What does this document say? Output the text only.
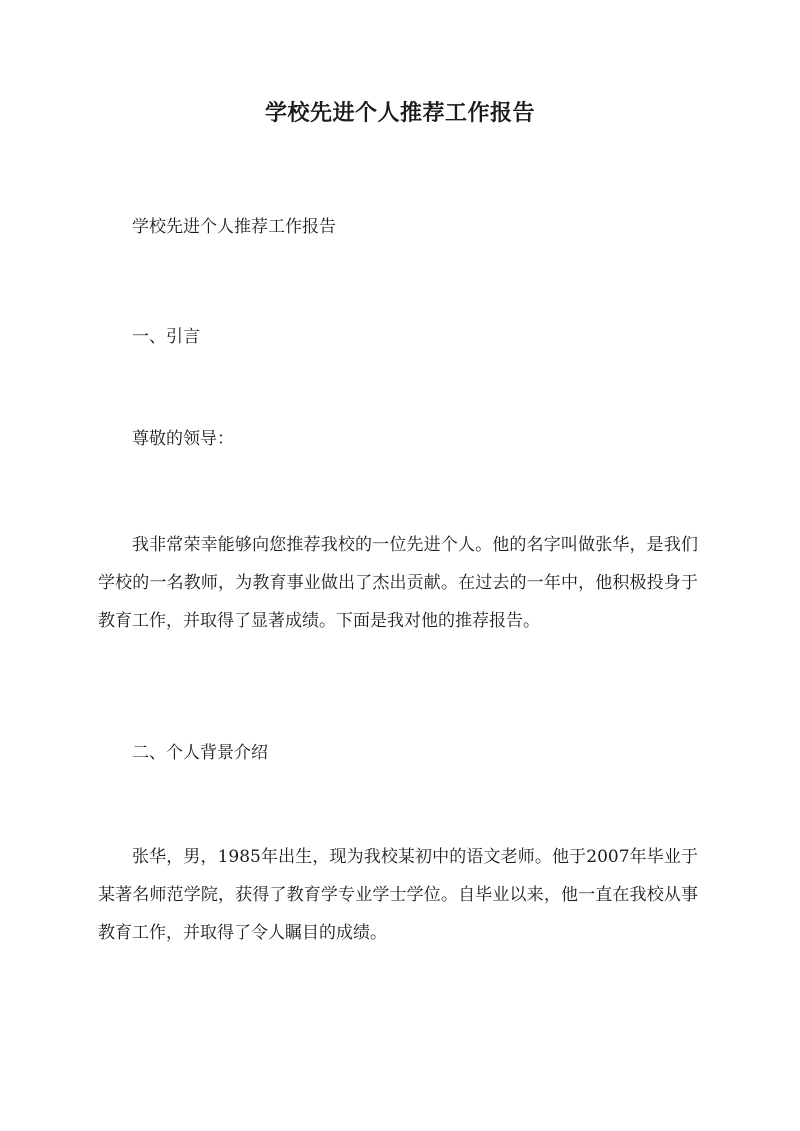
学校先进个人推荐工作报告
学校先进个人推荐工作报告
一、引言
尊敬的领导：
我非常荣幸能够向您推荐我校的一位先进个人。他的名字叫做张华，是我们学校的一名教师，为教育事业做出了杰出贡献。在过去的一年中，他积极投身于教育工作，并取得了显著成绩。下面是我对他的推荐报告。
二、个人背景介绍
张华，男，1985年出生，现为我校某初中的语文老师。他于2007年毕业于某著名师范学院，获得了教育学专业学士学位。自毕业以来，他一直在我校从事教育工作，并取得了令人瞩目的成绩。
